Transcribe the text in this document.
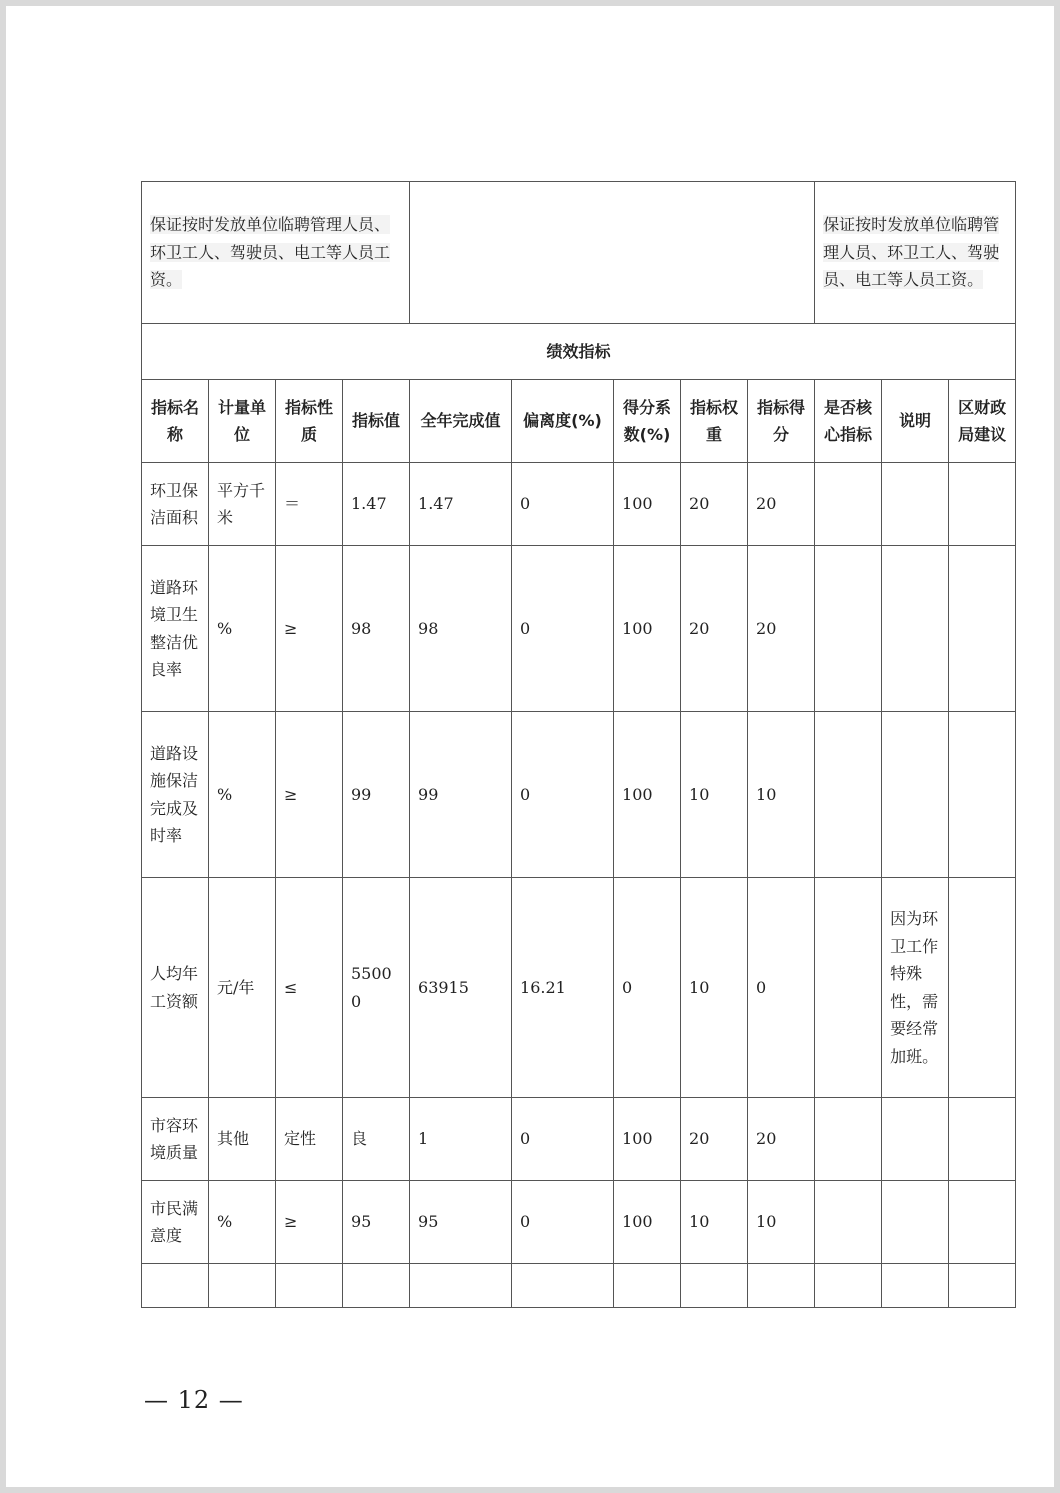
保证按时发放单位临聘管理人员、环卫工人、驾驶员、电工等人员工资。									保证按时发放单位临聘管理人员、环卫工人、驾驶员、电工等人员工资。		
绩效指标											
指标名称	计量单位	指标性质	指标值	全年完成值	偏离度(%)	得分系数(%)	指标权重	指标得分	是否核心指标	说明	区财政局建议
环卫保洁面积	平方千米	＝	1.47	1.47	0	100	20	20			
道路环境卫生整洁优良率	%	≥	98	98	0	100	20	20			
道路设施保洁完成及时率	%	≥	99	99	0	100	10	10			
人均年工资额	元/年	≤	55000	63915	16.21	0	10	0		因为环卫工作特殊性，需要经常加班。	
市容环境质量	其他	定性	良	1	0	100	20	20			
市民满意度	%	≥	95	95	0	100	10	10			

— 12 —
